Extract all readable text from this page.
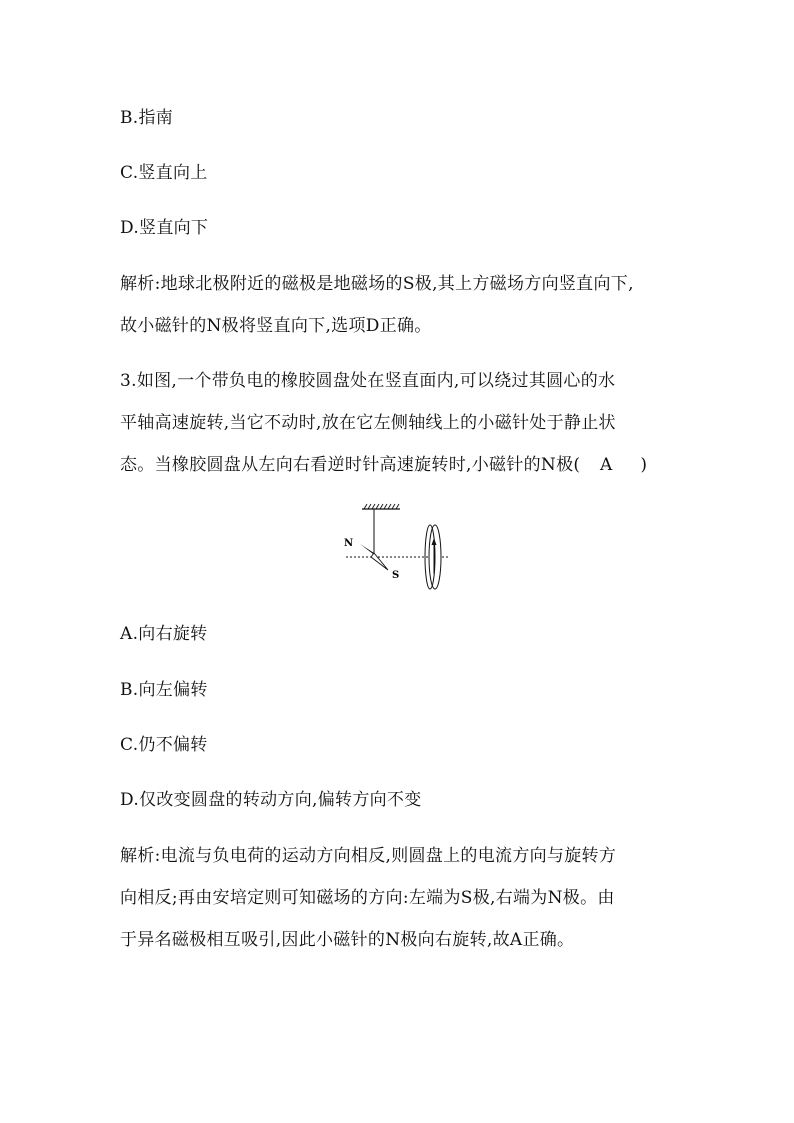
B.指南
C.竖直向上
D.竖直向下
解析:地球北极附近的磁极是地磁场的S极,其上方磁场方向竖直向下,
故小磁针的N极将竖直向下,选项D正确。
3.如图,一个带负电的橡胶圆盘处在竖直面内,可以绕过其圆心的水
平轴高速旋转,当它不动时,放在它左侧轴线上的小磁针处于静止状
态。当橡胶圆盘从左向右看逆时针高速旋转时,小磁针的N极( A )
N
S
A.向右旋转
B.向左偏转
C.仍不偏转
D.仅改变圆盘的转动方向,偏转方向不变
解析:电流与负电荷的运动方向相反,则圆盘上的电流方向与旋转方
向相反;再由安培定则可知磁场的方向:左端为S极,右端为N极。由
于异名磁极相互吸引,因此小磁针的N极向右旋转,故A正确。
